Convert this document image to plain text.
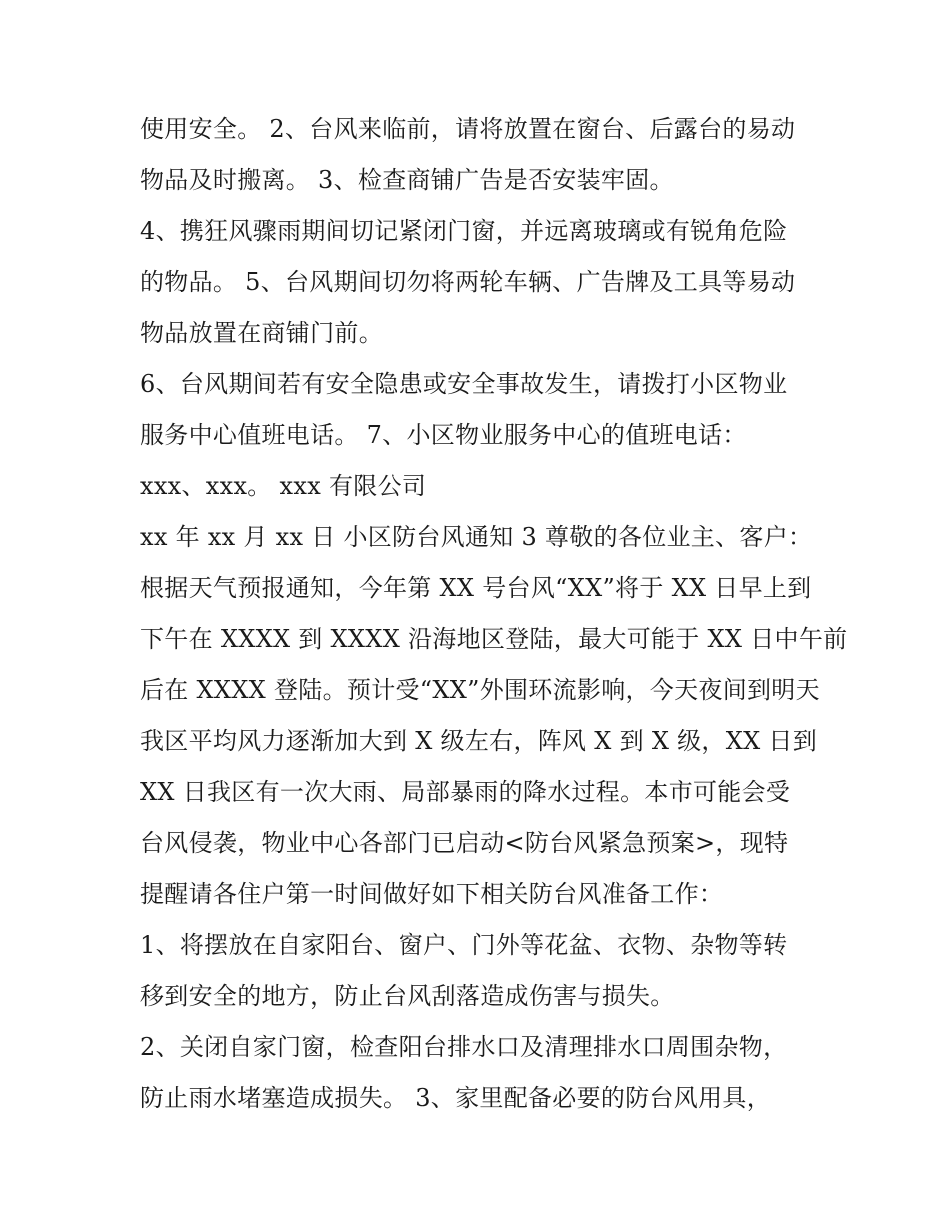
使用安全。 2、台风来临前，请将放置在窗台、后露台的易动
物品及时搬离。 3、检查商铺广告是否安装牢固。
4、携狂风骤雨期间切记紧闭门窗，并远离玻璃或有锐角危险
的物品。 5、台风期间切勿将两轮车辆、广告牌及工具等易动
物品放置在商铺门前。
6、台风期间若有安全隐患或安全事故发生，请拨打小区物业
服务中心值班电话。 7、小区物业服务中心的值班电话：
xxx、xxx。 xxx 有限公司
xx 年 xx 月 xx 日 小区防台风通知 3 尊敬的各位业主、客户：
根据天气预报通知，今年第 XX 号台风“XX”将于 XX 日早上到
下午在 XXXX 到 XXXX 沿海地区登陆，最大可能于 XX 日中午前
后在 XXXX 登陆。预计受“XX”外围环流影响，今天夜间到明天
我区平均风力逐渐加大到 X 级左右，阵风 X 到 X 级，XX 日到
XX 日我区有一次大雨、局部暴雨的降水过程。本市可能会受
台风侵袭，物业中心各部门已启动<防台风紧急预案>，现特
提醒请各住户第一时间做好如下相关防台风准备工作：
1、将摆放在自家阳台、窗户、门外等花盆、衣物、杂物等转
移到安全的地方，防止台风刮落造成伤害与损失。
2、关闭自家门窗，检查阳台排水口及清理排水口周围杂物，
防止雨水堵塞造成损失。 3、家里配备必要的防台风用具，
